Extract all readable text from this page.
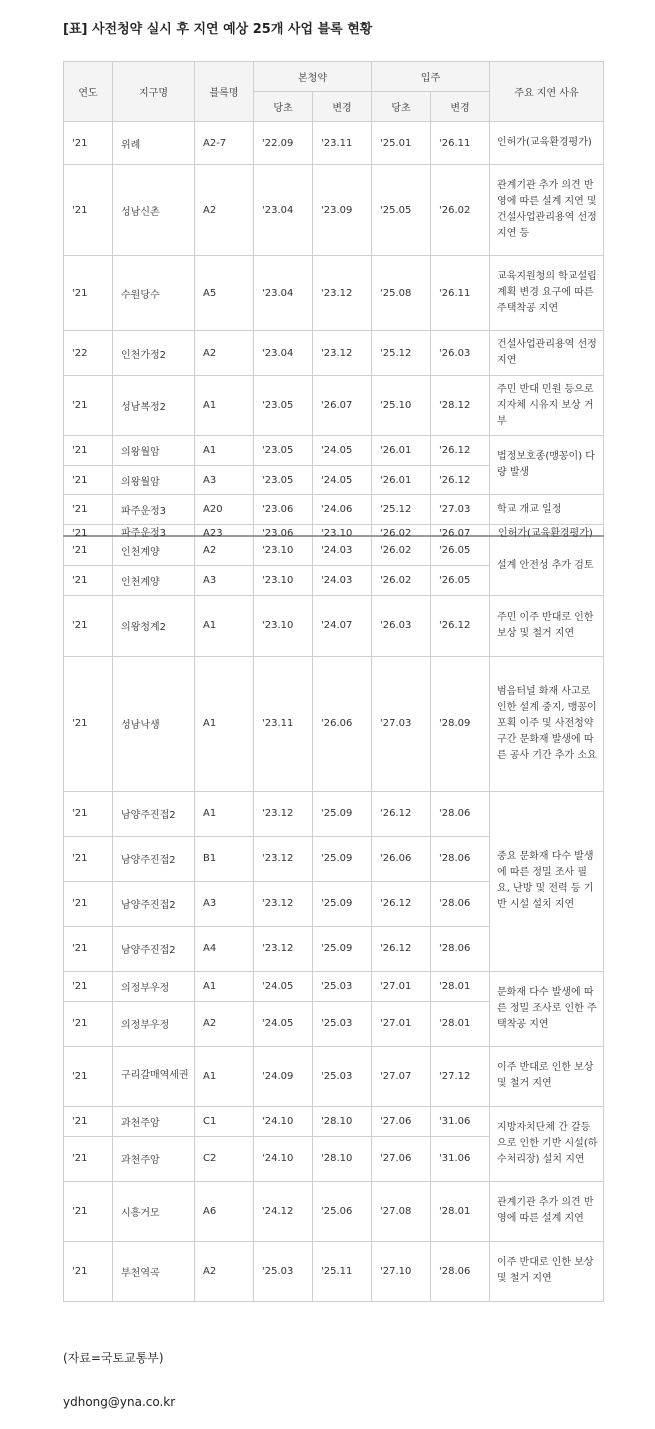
[표] 사전청약 실시 후 지연 예상 25개 사업 블록 현황
연도	지구명	블록명	본청약		입주		주요 지연 사유
			당초	변경	당초	변경	
'21	위례	A2-7	'22.09	'23.11	'25.01	'26.11	인허가(교육환경평가)
'21	성남신촌	A2	'23.04	'23.09	'25.05	'26.02	관계기관 추가 의견 반영에 따른 설계 지연 및 건설사업관리용역 선정 지연 등
'21	수원당수	A5	'23.04	'23.12	'25.08	'26.11	교육지원청의 학교설립계획 변경 요구에 따른 주택착공 지연
'22	인천가정2	A2	'23.04	'23.12	'25.12	'26.03	건설사업관리용역 선정 지연
'21	성남복정2	A1	'23.05	'26.07	'25.10	'28.12	주민 반대 민원 등으로 지자체 시유지 보상 거부
'21	의왕월암	A1	'23.05	'24.05	'26.01	'26.12	법정보호종(맹꽁이) 다량 발생
'21	의왕월암	A3	'23.05	'24.05	'26.01	'26.12	
'21	파주운정3	A20	'23.06	'24.06	'25.12	'27.03	학교 개교 일정

'21	파주운정3	A23	'23.06	'23.10	'26.02	'26.07	인허가(교육환경평가)

'21	인천계양	A2	'23.10	'24.03	'26.02	'26.05	설계 안전성 추가 검토
'21	인천계양	A3	'23.10	'24.03	'26.02	'26.05	
'21	의왕청계2	A1	'23.10	'24.07	'26.03	'26.12	주민 이주 반대로 인한 보상 및 철거 지연
'21	성남낙생	A1	'23.11	'26.06	'27.03	'28.09	범음터널 화재 사고로 인한 설계 중지, 맹꽁이 포획 이주 및 사전청약 구간 문화재 발생에 따른 공사 기간 추가 소요
'21	남양주진접2	A1	'23.12	'25.09	'26.12	'28.06	중요 문화재 다수 발생에 따른 정밀 조사 필요, 난방 및 전력 등 기반 시설 설치 지연
'21	남양주진접2	B1	'23.12	'25.09	'26.06	'28.06	
'21	남양주진접2	A3	'23.12	'25.09	'26.12	'28.06	
'21	남양주진접2	A4	'23.12	'25.09	'26.12	'28.06	
'21	의정부우정	A1	'24.05	'25.03	'27.01	'28.01	문화재 다수 발생에 따른 정밀 조사로 인한 주택착공 지연
'21	의정부우정	A2	'24.05	'25.03	'27.01	'28.01	
'21	구리갈매역세권	A1	'24.09	'25.03	'27.07	'27.12	이주 반대로 인한 보상 및 철거 지연
'21	과천주암	C1	'24.10	'28.10	'27.06	'31.06	지방자치단체 간 갈등으로 인한 기반 시설(하수처리장) 설치 지연
'21	과천주암	C2	'24.10	'28.10	'27.06	'31.06	
'21	시흥거모	A6	'24.12	'25.06	'27.08	'28.01	관계기관 추가 의견 반영에 따른 설계 지연
'21	부천역곡	A2	'25.03	'25.11	'27.10	'28.06	이주 반대로 인한 보상 및 철거 지연
(자료=국토교통부)
ydhong@yna.co.kr
